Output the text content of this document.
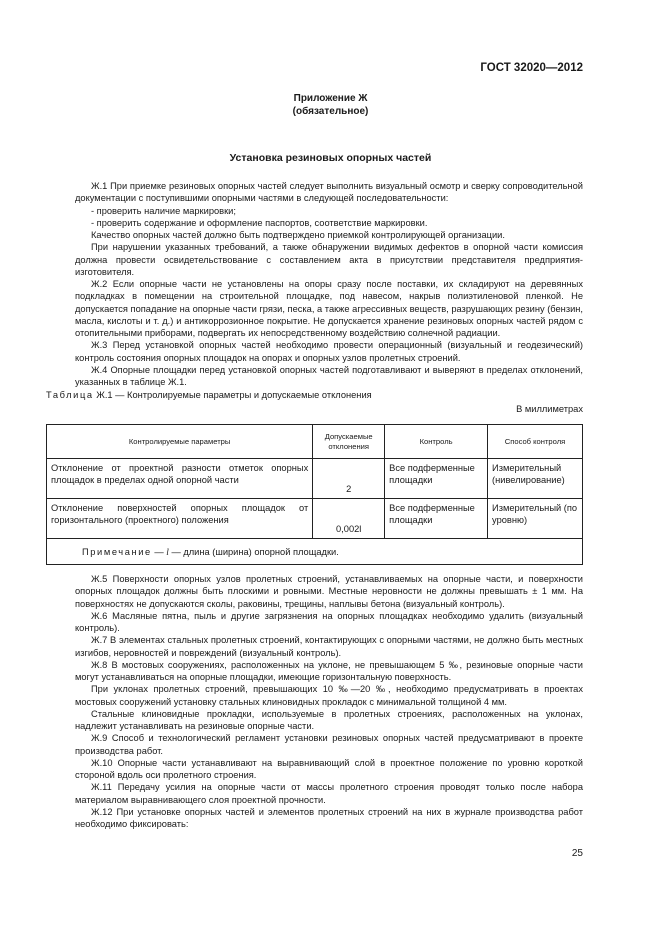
ГОСТ 32020—2012
Приложение Ж
(обязательное)
Установка резиновых опорных частей

Ж.1 При приемке резиновых опорных частей следует выполнить визуальный осмотр и сверку сопроводительной документации с поступившими опорными частями в следующей последовательности:

- проверить наличие маркировки;

- проверить содержание и оформление паспортов, соответствие маркировки.

Качество опорных частей должно быть подтверждено приемкой контролирующей организации.

При нарушении указанных требований, а также обнаружении видимых дефектов в опорной части комиссия должна провести освидетельствование с составлением акта в присутствии представителя предприятия-изготовителя.

Ж.2 Если опорные части не установлены на опоры сразу после поставки, их складируют на деревянных подкладках в помещении на строительной площадке, под навесом, накрыв полиэтиленовой пленкой. Не допускается попадание на опорные части грязи, песка, а также агрессивных веществ, разрушающих резину (бензин, масла, кислоты и т. д.) и антикоррозионное покрытие. Не допускается хранение резиновых опорных частей рядом с отопительными приборами, подвергать их непосредственному воздействию солнечной радиации.

Ж.3 Перед установкой опорных частей необходимо провести операционный (визуальный и геодезический) контроль состояния опорных площадок на опорах и опорных узлов пролетных строений.

Ж.4 Опорные площадки перед установкой опорных частей подготавливают и выверяют в пределах отклонений, указанных в таблице Ж.1.

Таблица Ж.1 — Контролируемые параметры и допускаемые отклонения
В миллиметрах
Контролируемые параметры	Допускаемые отклонения	Контроль	Способ контроля
Отклонение от проектной разности отметок опорных площадок в пределах одной опорной части	2	Все подферменные площадки	Измерительный (нивелирование)
Отклонение поверхностей опорных площадок от горизонтального (проектного) положения	0,002l	Все подферменные площадки	Измерительный (по уровню)
Примечание — l — длина (ширина) опорной площадки.			

Ж.5 Поверхности опорных узлов пролетных строений, устанавливаемых на опорные части, и поверхности опорных площадок должны быть плоскими и ровными. Местные неровности не должны превышать ± 1 мм. На поверхностях не допускаются сколы, раковины, трещины, наплывы бетона (визуальный контроль).

Ж.6 Масляные пятна, пыль и другие загрязнения на опорных площадках необходимо удалить (визуальный контроль).

Ж.7 В элементах стальных пролетных строений, контактирующих с опорными частями, не должно быть местных изгибов, неровностей и повреждений (визуальный контроль).

Ж.8 В мостовых сооружениях, расположенных на уклоне, не превышающем 5 ‰, резиновые опорные части могут устанавливаться на опорные площадки, имеющие горизонтальную поверхность.

При уклонах пролетных строений, превышающих 10 ‰—20 ‰, необходимо предусматривать в проектах мостовых сооружений установку стальных клиновидных прокладок с минимальной толщиной 4 мм.

Стальные клиновидные прокладки, используемые в пролетных строениях, расположенных на уклонах, надлежит устанавливать на резиновые опорные части.

Ж.9 Способ и технологический регламент установки резиновых опорных частей предусматривают в проекте производства работ.

Ж.10 Опорные части устанавливают на выравнивающий слой в проектное положение по уровню короткой стороной вдоль оси пролетного строения.

Ж.11 Передачу усилия на опорные части от массы пролетного строения проводят только после набора материалом выравнивающего слоя проектной прочности.

Ж.12 При установке опорных частей и элементов пролетных строений на них в журнале производства работ необходимо фиксировать:

25
